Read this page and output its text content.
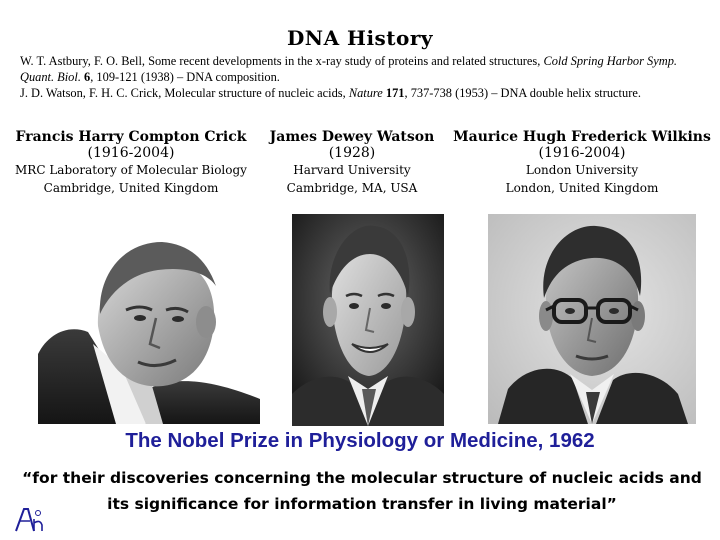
DNA History

W. T. Astbury, F. O. Bell, Some recent developments in the x-ray study of proteins and related structures, Cold Spring Harbor Symp. Quant. Biol. 6, 109-121 (1938) – DNA composition.

J. D. Watson, F. H. C. Crick, Molecular structure of nucleic acids, Nature 171, 737-738 (1953) – DNA double helix structure.

Francis Harry Compton Crick
(1916-2004)
MRC Laboratory of Molecular Biology
Cambridge, United Kingdom
James Dewey Watson
(1928)
Harvard University
Cambridge, MA, USA
Maurice Hugh Frederick Wilkins
(1916-2004)
London University
London, United Kingdom
The Nobel Prize in Physiology or Medicine, 1962
“for their discoveries concerning the molecular structure of nucleic acids and its significance for information transfer in living material”
